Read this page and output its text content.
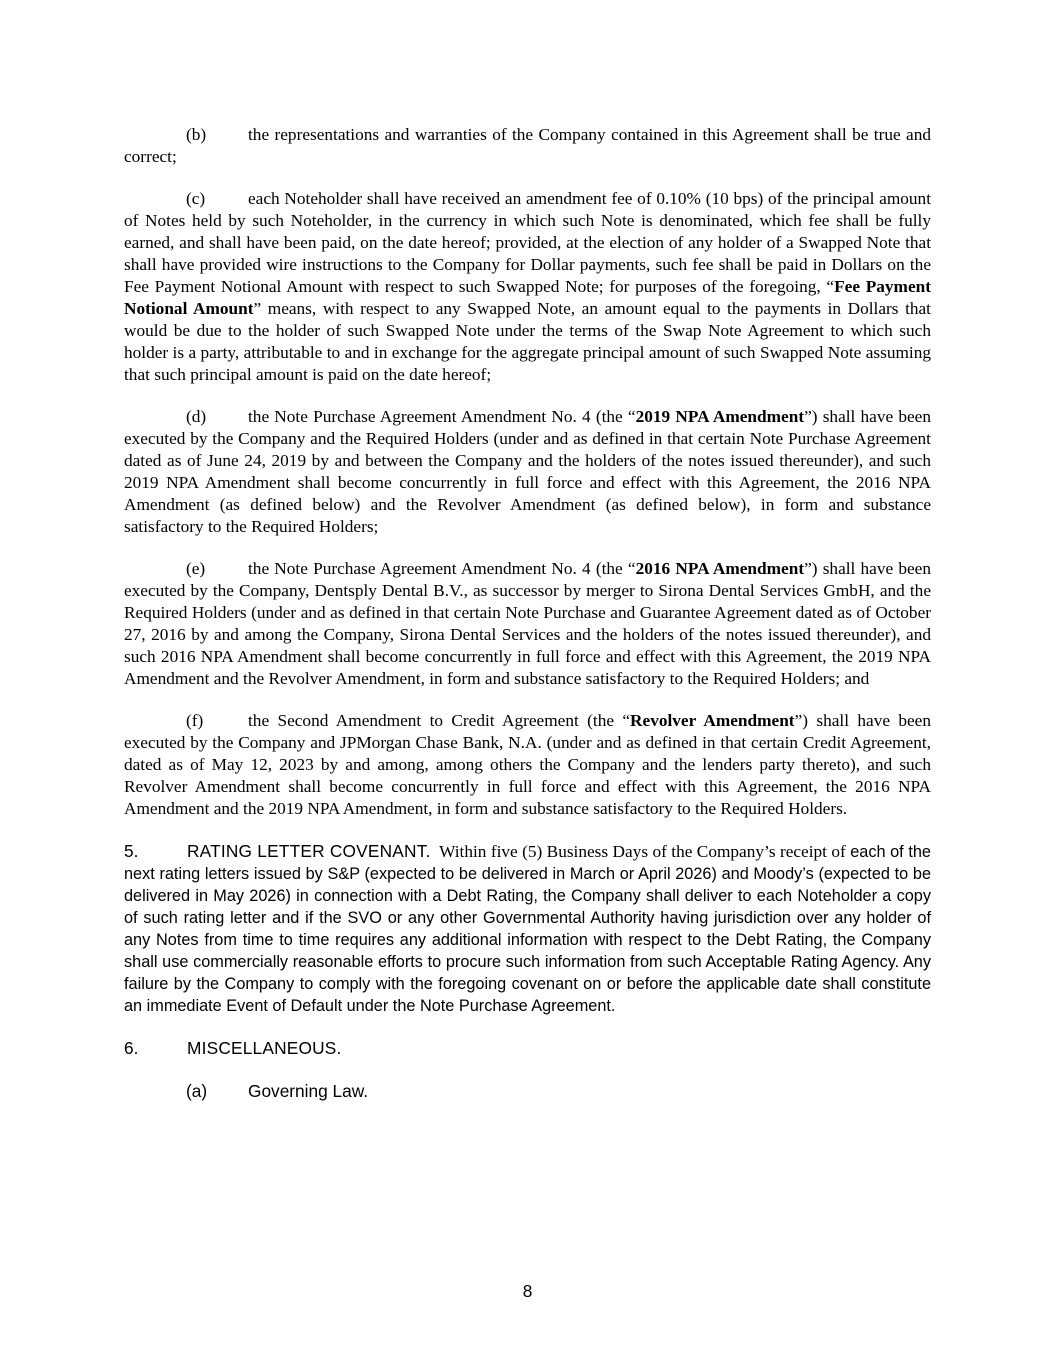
(b) the representations and warranties of the Company contained in this Agreement shall be true and correct;

(c) each Noteholder shall have received an amendment fee of 0.10% (10 bps) of the principal amount of Notes held by such Noteholder, in the currency in which such Note is denominated, which fee shall be fully earned, and shall have been paid, on the date hereof; provided, at the election of any holder of a Swapped Note that shall have provided wire instructions to the Company for Dollar payments, such fee shall be paid in Dollars on the Fee Payment Notional Amount with respect to such Swapped Note; for purposes of the foregoing, “Fee Payment Notional Amount” means, with respect to any Swapped Note, an amount equal to the payments in Dollars that would be due to the holder of such Swapped Note under the terms of the Swap Note Agreement to which such holder is a party, attributable to and in exchange for the aggregate principal amount of such Swapped Note assuming that such principal amount is paid on the date hereof;

(d) the Note Purchase Agreement Amendment No. 4 (the “2019 NPA Amendment”) shall have been executed by the Company and the Required Holders (under and as defined in that certain Note Purchase Agreement dated as of June 24, 2019 by and between the Company and the holders of the notes issued thereunder), and such 2019 NPA Amendment shall become concurrently in full force and effect with this Agreement, the 2016 NPA Amendment (as defined below) and the Revolver Amendment (as defined below), in form and substance satisfactory to the Required Holders;

(e) the Note Purchase Agreement Amendment No. 4 (the “2016 NPA Amendment”) shall have been executed by the Company, Dentsply Dental B.V., as successor by merger to Sirona Dental Services GmbH, and the Required Holders (under and as defined in that certain Note Purchase and Guarantee Agreement dated as of October 27, 2016 by and among the Company, Sirona Dental Services and the holders of the notes issued thereunder), and such 2016 NPA Amendment shall become concurrently in full force and effect with this Agreement, the 2019 NPA Amendment and the Revolver Amendment, in form and substance satisfactory to the Required Holders; and

(f)	the Second Amendment to Credit Agreement (the “Revolver Amendment”) shall have been executed by the Company and JPMorgan Chase Bank, N.A. (under and as defined in that certain Credit Agreement, dated as of May 12, 2023 by and among, among others the Company and the lenders party thereto), and such Revolver Amendment shall become concurrently in full force and effect with this Agreement, the 2016 NPA Amendment and the 2019 NPA Amendment, in form and substance satisfactory to the Required Holders.

5.	RATING LETTER COVENANT. Within five (5) Business Days of the Company’s receipt of each of the next rating letters issued by S&P (expected to be delivered in March or April 2026) and Moody’s (expected to be delivered in May 2026) in connection with a Debt Rating, the Company shall deliver to each Noteholder a copy of such rating letter and if the SVO or any other Governmental Authority having jurisdiction over any holder of any Notes from time to time requires any additional information with respect to the Debt Rating, the Company shall use commercially reasonable efforts to procure such information from such Acceptable Rating Agency. Any failure by the Company to comply with the foregoing covenant on or before the applicable date shall constitute an immediate Event of Default under the Note Purchase Agreement.

6.	MISCELLANEOUS.

(a) Governing Law.

8
